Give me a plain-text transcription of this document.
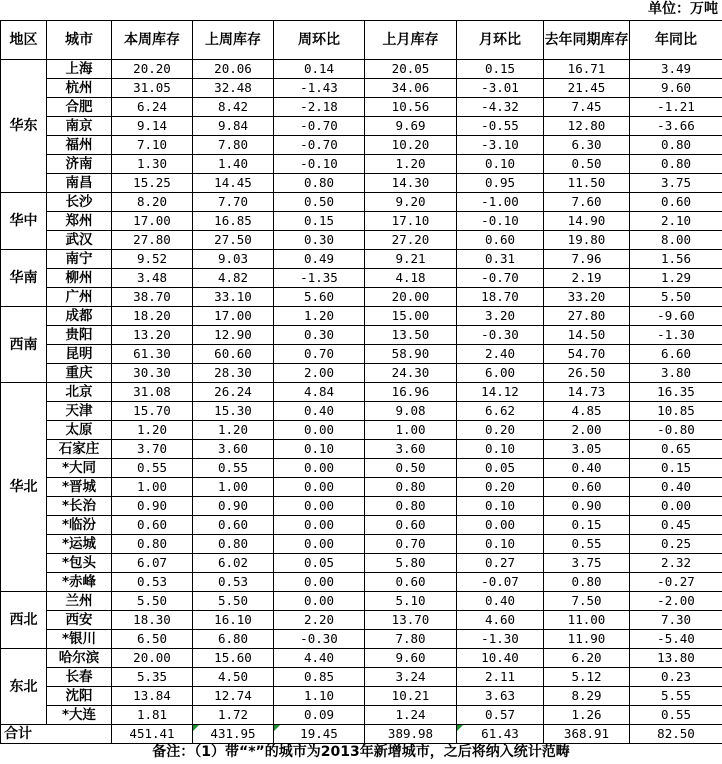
单位：万吨
地区	城市	本周库存	上周库存	周环比	上月库存	月环比	去年同期库存	年同比
华东	上海	20.20	20.06	0.14	20.05	0.15	16.71	3.49
	杭州	31.05	32.48	-1.43	34.06	-3.01	21.45	9.60
	合肥	6.24	8.42	-2.18	10.56	-4.32	7.45	-1.21
	南京	9.14	9.84	-0.70	9.69	-0.55	12.80	-3.66
	福州	7.10	7.80	-0.70	10.20	-3.10	6.30	0.80
	济南	1.30	1.40	-0.10	1.20	0.10	0.50	0.80
	南昌	15.25	14.45	0.80	14.30	0.95	11.50	3.75
华中	长沙	8.20	7.70	0.50	9.20	-1.00	7.60	0.60
	郑州	17.00	16.85	0.15	17.10	-0.10	14.90	2.10
	武汉	27.80	27.50	0.30	27.20	0.60	19.80	8.00
华南	南宁	9.52	9.03	0.49	9.21	0.31	7.96	1.56
	柳州	3.48	4.82	-1.35	4.18	-0.70	2.19	1.29
	广州	38.70	33.10	5.60	20.00	18.70	33.20	5.50
西南	成都	18.20	17.00	1.20	15.00	3.20	27.80	-9.60
	贵阳	13.20	12.90	0.30	13.50	-0.30	14.50	-1.30
	昆明	61.30	60.60	0.70	58.90	2.40	54.70	6.60
	重庆	30.30	28.30	2.00	24.30	6.00	26.50	3.80
华北	北京	31.08	26.24	4.84	16.96	14.12	14.73	16.35
	天津	15.70	15.30	0.40	9.08	6.62	4.85	10.85
	太原	1.20	1.20	0.00	1.00	0.20	2.00	-0.80
	石家庄	3.70	3.60	0.10	3.60	0.10	3.05	0.65
	*大同	0.55	0.55	0.00	0.50	0.05	0.40	0.15
	*晋城	1.00	1.00	0.00	0.80	0.20	0.60	0.40
	*长治	0.90	0.90	0.00	0.80	0.10	0.90	0.00
	*临汾	0.60	0.60	0.00	0.60	0.00	0.15	0.45
	*运城	0.80	0.80	0.00	0.70	0.10	0.55	0.25
	*包头	6.07	6.02	0.05	5.80	0.27	3.75	2.32
	*赤峰	0.53	0.53	0.00	0.60	-0.07	0.80	-0.27
西北	兰州	5.50	5.50	0.00	5.10	0.40	7.50	-2.00
	西安	18.30	16.10	2.20	13.70	4.60	11.00	7.30
	*银川	6.50	6.80	-0.30	7.80	-1.30	11.90	-5.40
东北	哈尔滨	20.00	15.60	4.40	9.60	10.40	6.20	13.80
	长春	5.35	4.50	0.85	3.24	2.11	5.12	0.23
	沈阳	13.84	12.74	1.10	10.21	3.63	8.29	5.55
	*大连	1.81	1.72	0.09	1.24	0.57	1.26	0.55
合计		451.41	431.95	19.45	389.98	61.43	368.91	82.50
备注：（1）带“*”的城市为2013年新增城市，之后将纳入统计范畴
